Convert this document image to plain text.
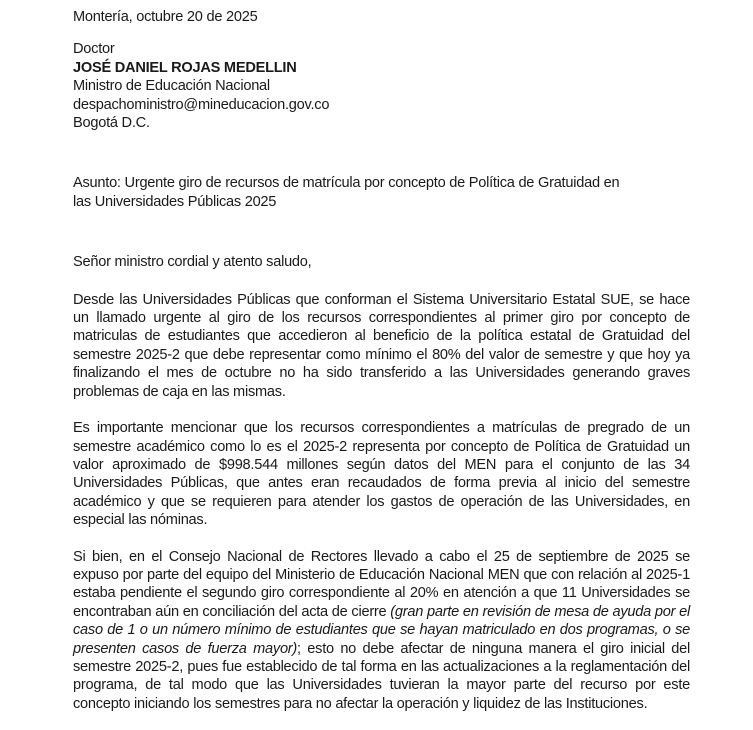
Montería, octubre 20 de 2025
Doctor
JOSÉ DANIEL ROJAS MEDELLIN
Ministro de Educación Nacional
despachoministro@mineducacion.gov.co
Bogotá D.C.
Asunto: Urgente giro de recursos de matrícula por concepto de Política de Gratuidad en las Universidades Públicas 2025
Señor ministro cordial y atento saludo,

Desde las Universidades Públicas que conforman el Sistema Universitario Estatal SUE, se hace un llamado urgente al giro de los recursos correspondientes al primer giro por concepto de matriculas de estudiantes que accedieron al beneficio de la política estatal de Gratuidad del semestre 2025-2 que debe representar como mínimo el 80% del valor de semestre y que hoy ya finalizando el mes de octubre no ha sido transferido a las Universidades generando graves problemas de caja en las mismas.

Es importante mencionar que los recursos correspondientes a matrículas de pregrado de un semestre académico como lo es el 2025-2 representa por concepto de Política de Gratuidad un valor aproximado de $998.544 millones según datos del MEN para el conjunto de las 34 Universidades Públicas, que antes eran recaudados de forma previa al inicio del semestre académico y que se requieren para atender los gastos de operación de las Universidades, en especial las nóminas.

Si bien, en el Consejo Nacional de Rectores llevado a cabo el 25 de septiembre de 2025 se expuso por parte del equipo del Ministerio de Educación Nacional MEN que con relación al 2025-1 estaba pendiente el segundo giro correspondiente al 20% en atención a que 11 Universidades se encontraban aún en conciliación del acta de cierre (gran parte en revisión de mesa de ayuda por el caso de 1 o un número mínimo de estudiantes que se hayan matriculado en dos programas, o se presenten casos de fuerza mayor); esto no debe afectar de ninguna manera el giro inicial del semestre 2025-2, pues fue establecido de tal forma en las actualizaciones a la reglamentación del programa, de tal modo que las Universidades tuvieran la mayor parte del recurso por este concepto iniciando los semestres para no afectar la operación y liquidez de las Instituciones.
